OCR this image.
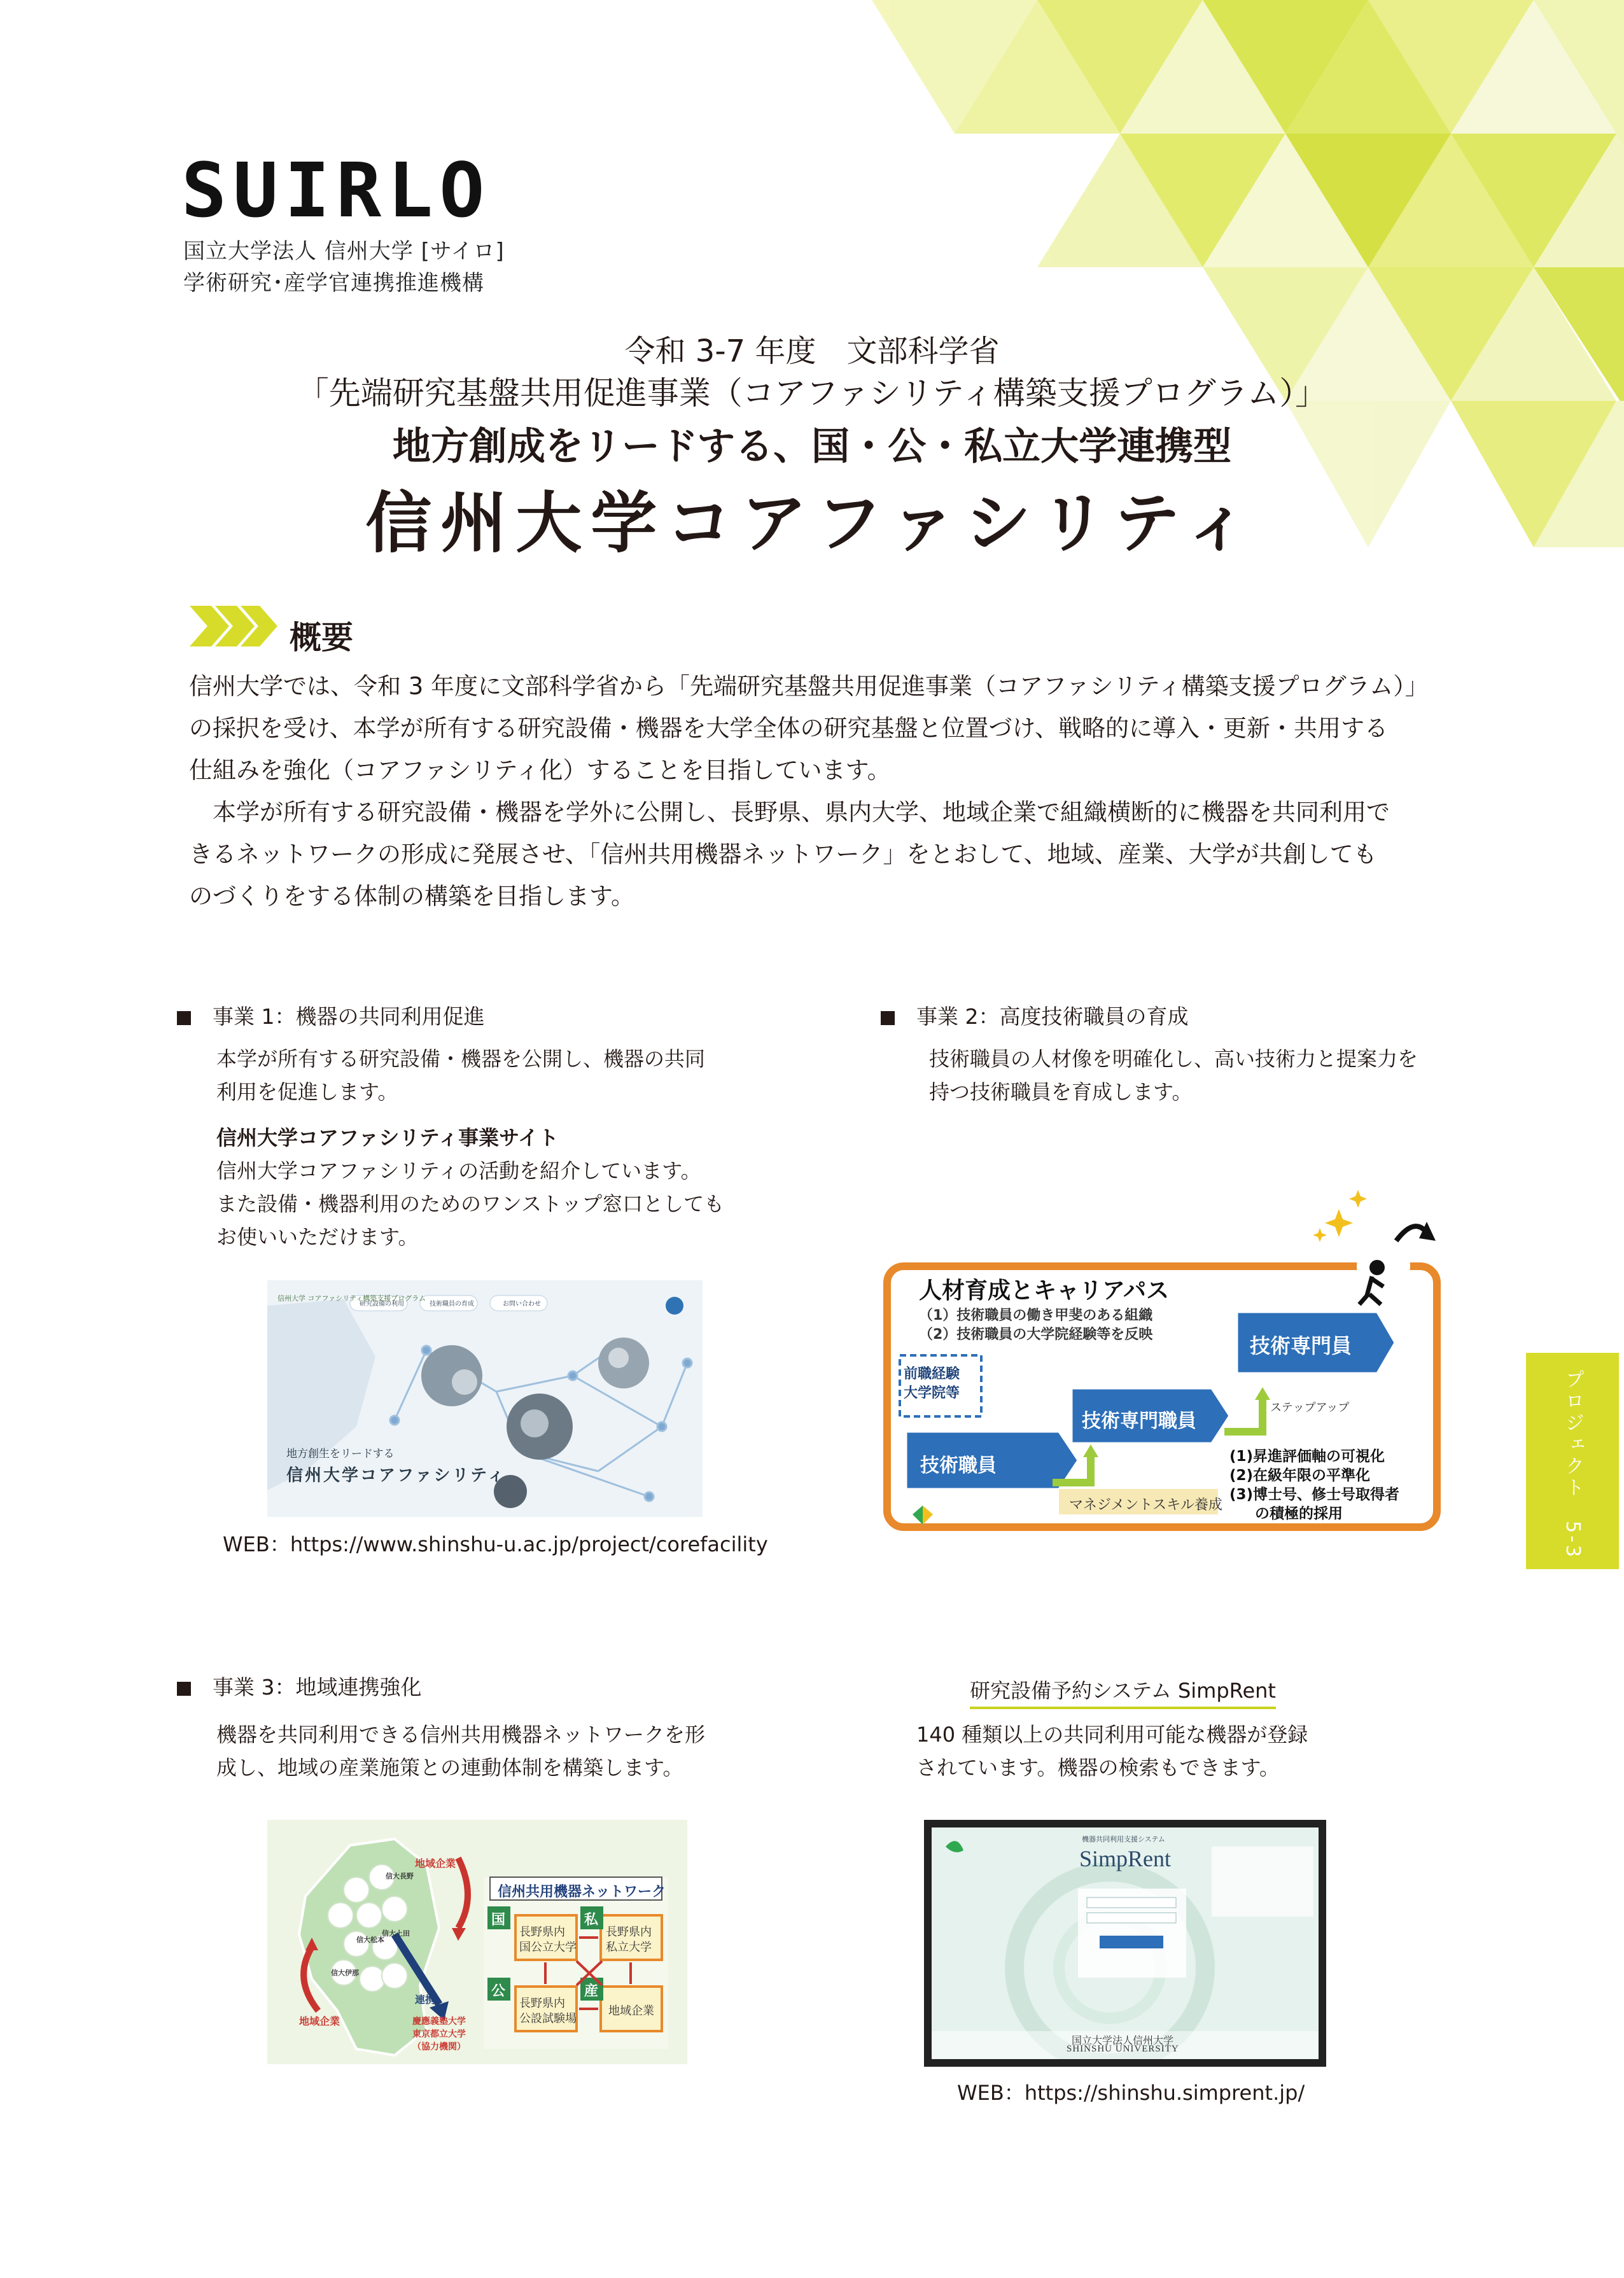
SUIRLO
国立大学法人 信州大学 [サイロ]
学術研究･産学官連携推進機構
令和 3-7 年度　文部科学省
「先端研究基盤共用促進事業（コアファシリティ構築支援プログラム）」
地方創成をリードする、国・公・私立大学連携型
信州大学コアファシリティ
概要
信州大学では、令和 3 年度に文部科学省から「先端研究基盤共用促進事業（コアファシリティ構築支援プログラム）」
の採択を受け、本学が所有する研究設備・機器を大学全体の研究基盤と位置づけ、戦略的に導入・更新・共用する
仕組みを強化（コアファシリティ化）することを目指しています。
　本学が所有する研究設備・機器を学外に公開し、長野県、県内大学、地域企業で組織横断的に機器を共同利用で
きるネットワークの形成に発展させ、「信州共用機器ネットワーク」をとおして、地域、産業、大学が共創しても
のづくりをする体制の構築を目指します。
事業 1：機器の共同利用促進
本学が所有する研究設備・機器を公開し、機器の共同
利用を促進します。
信州大学コアファシリティ事業サイト
信州大学コアファシリティの活動を紹介しています。
また設備・機器利用のためのワンストップ窓口としても
お使いいただけます。
信州大学 コアファシリティ構築支援プログラム
研究設備の利用	技術職員の育成	お問い合わせ
地方創生をリードする
信州大学コアファシリティ
WEB：https://www.shinshu-u.ac.jp/project/corefacility
事業 2：高度技術職員の育成
技術職員の人材像を明確化し、高い技術力と提案力を
持つ技術職員を育成します。
人材育成とキャリアパス
（1）技術職員の働き甲斐のある組織
（2）技術職員の大学院経験等を反映
前職経験
大学院等
技術職員
技術専門職員
技術専門員
ステップアップ
マネジメントスキル養成
(1)昇進評価軸の可視化
(2)在級年限の平準化
(3)博士号、修士号取得者
の積極的採用	プロジェクト　5-3
事業 3：地域連携強化
機器を共同利用できる信州共用機器ネットワークを形
成し、地域の産業施策との連動体制を構築します。
信州共用機器ネットワーク
国	私
公	産
長野県内
国公立大学
長野県内
私立大学
長野県内
公設試験場
地域企業
地域企業
地域企業
連携
慶應義塾大学
東京都立大学
（協力機関）
信大長野
信大上田
信大松本
信大伊那
研究設備予約システム SimpRent
140 種類以上の共同利用可能な機器が登録
されています。機器の検索もできます。
機器共同利用支援システム
SimpRent
国立大学法人信州大学
SHINSHU UNIVERSITY
WEB：https://shinshu.simprent.jp/
